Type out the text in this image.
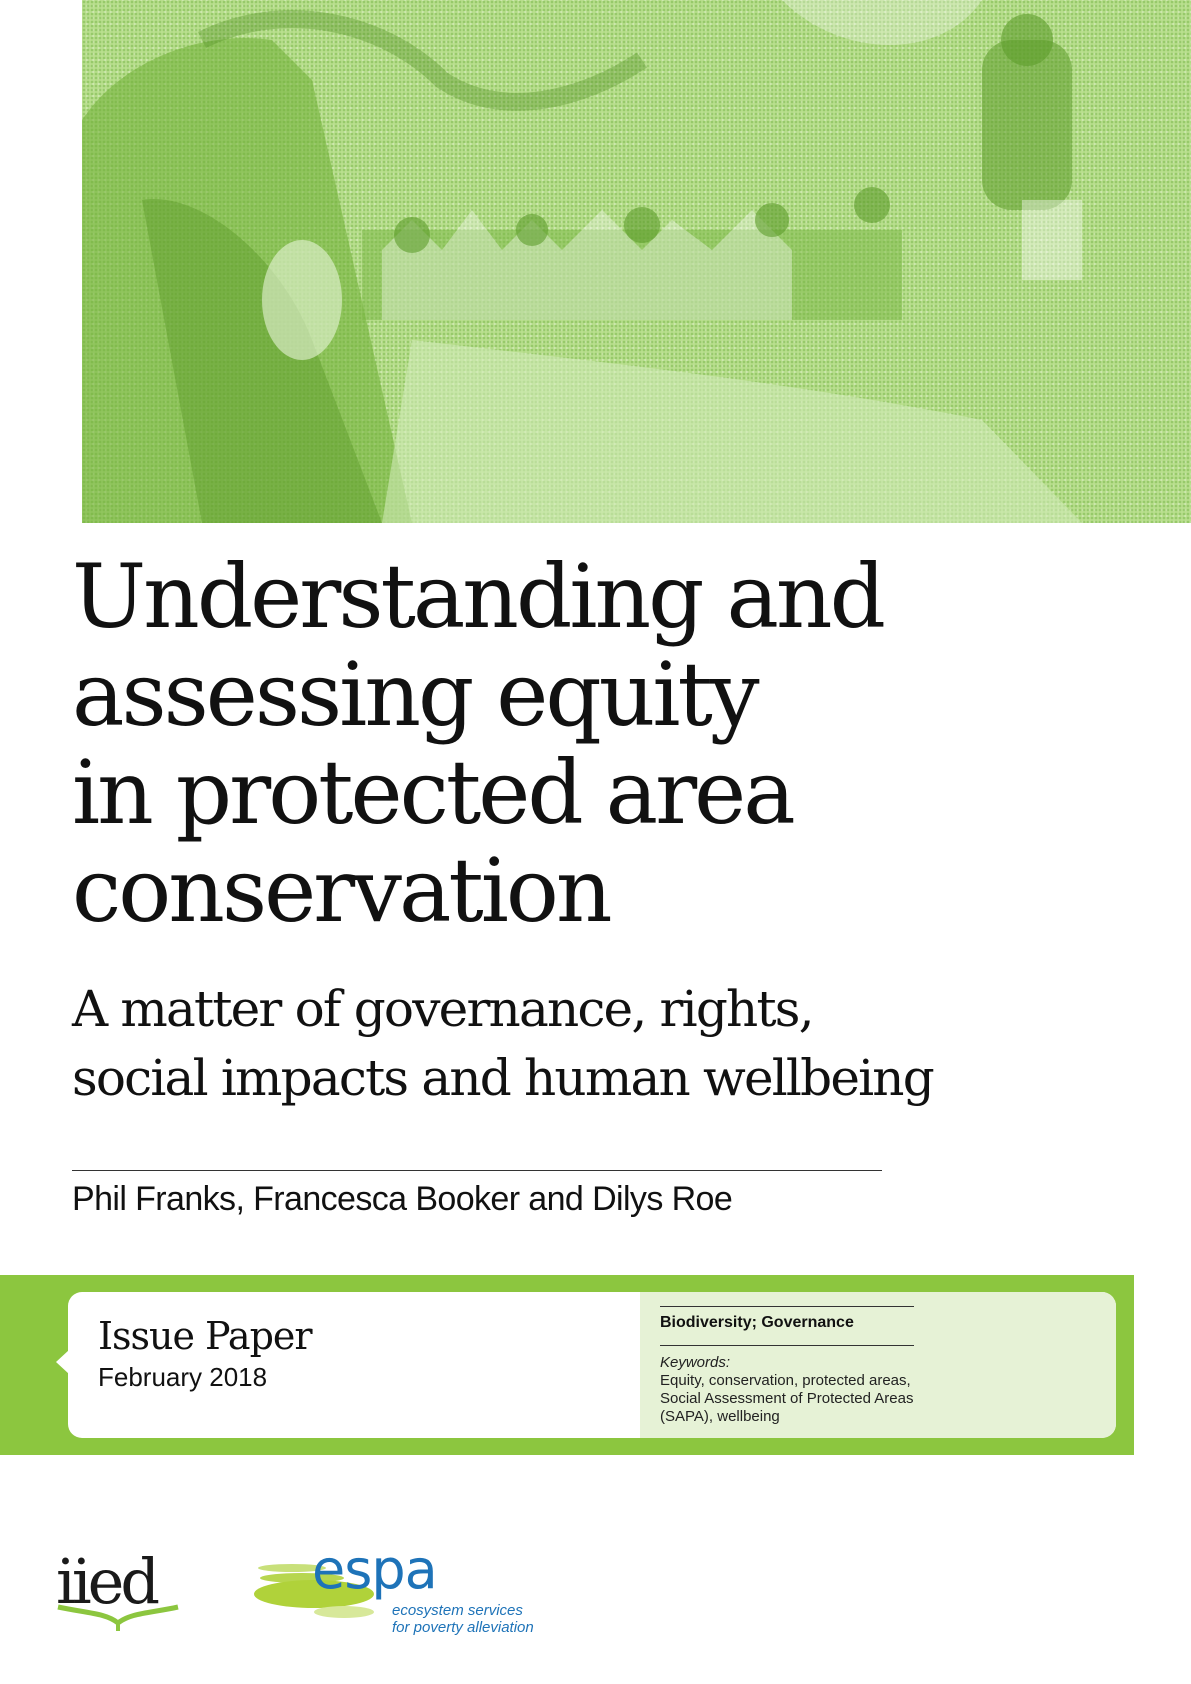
Understanding and
assessing equity
in protected area
conservation
A matter of governance, rights,
social impacts and human wellbeing
Phil Franks, Francesca Booker and Dilys Roe
Issue Paper
February 2018
Biodiversity; Governance
Keywords:
Equity, conservation, protected areas, Social Assessment of Protected Areas (SAPA), wellbeing
iied	espa
ecosystem services
for poverty alleviation
